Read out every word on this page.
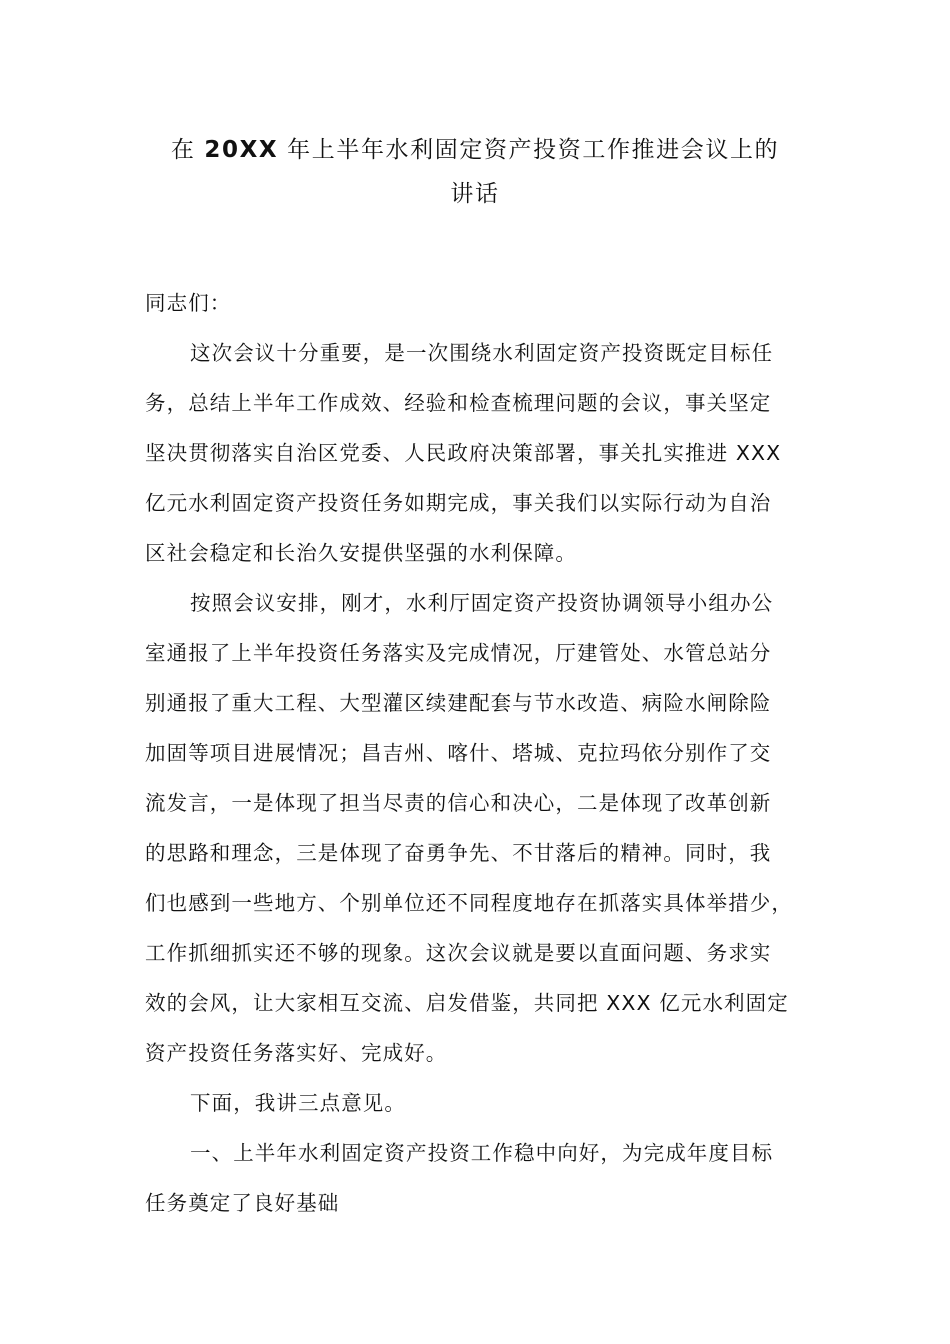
在 20XX 年上半年水利固定资产投资工作推进会议上的
讲话
同志们：
这次会议十分重要，是一次围绕水利固定资产投资既定目标任
务，总结上半年工作成效、经验和检查梳理问题的会议，事关坚定
坚决贯彻落实自治区党委、人民政府决策部署，事关扎实推进 XXX
亿元水利固定资产投资任务如期完成，事关我们以实际行动为自治
区社会稳定和长治久安提供坚强的水利保障。
按照会议安排，刚才，水利厅固定资产投资协调领导小组办公
室通报了上半年投资任务落实及完成情况，厅建管处、水管总站分
别通报了重大工程、大型灌区续建配套与节水改造、病险水闸除险
加固等项目进展情况；昌吉州、喀什、塔城、克拉玛依分别作了交
流发言，一是体现了担当尽责的信心和决心，二是体现了改革创新
的思路和理念，三是体现了奋勇争先、不甘落后的精神。同时，我
们也感到一些地方、个别单位还不同程度地存在抓落实具体举措少，
工作抓细抓实还不够的现象。这次会议就是要以直面问题、务求实
效的会风，让大家相互交流、启发借鉴，共同把 XXX 亿元水利固定
资产投资任务落实好、完成好。
下面，我讲三点意见。
一、上半年水利固定资产投资工作稳中向好，为完成年度目标
任务奠定了良好基础
